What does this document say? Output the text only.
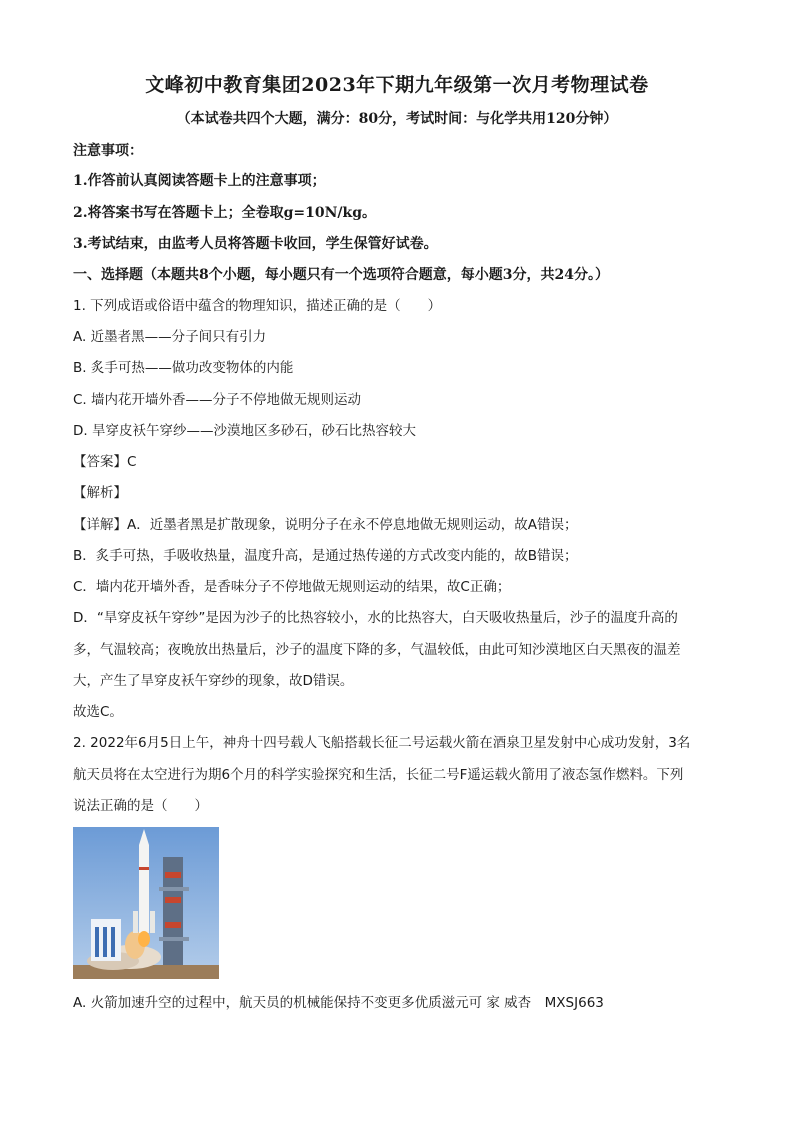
文峰初中教育集团2023年下期九年级第一次月考物理试卷
（本试卷共四个大题，满分：80分，考试时间：与化学共用120分钟）
注意事项：
1.作答前认真阅读答题卡上的注意事项；
2.将答案书写在答题卡上；全卷取g=10N/kg。
3.考试结束，由监考人员将答题卡收回，学生保管好试卷。
一、选择题（本题共8个小题，每小题只有一个选项符合题意，每小题3分，共24分。）
1. 下列成语或俗语中蕴含的物理知识，描述正确的是（　　）
A. 近墨者黑——分子间只有引力
B. 炙手可热——做功改变物体的内能
C. 墙内花开墙外香——分子不停地做无规则运动
D. 旱穿皮袄午穿纱——沙漠地区多砂石，砂石比热容较大
【答案】C
【解析】
【详解】A．近墨者黑是扩散现象，说明分子在永不停息地做无规则运动，故A错误；
B．炙手可热，手吸收热量，温度升高，是通过热传递的方式改变内能的，故B错误；
C．墙内花开墙外香，是香味分子不停地做无规则运动的结果，故C正确；
D．“旱穿皮袄午穿纱”是因为沙子的比热容较小，水的比热容大，白天吸收热量后，沙子的温度升高的
多，气温较高；夜晚放出热量后，沙子的温度下降的多，气温较低，由此可知沙漠地区白天黑夜的温差
大，产生了旱穿皮袄午穿纱的现象，故D错误。
故选C。
2. 2022年6月5日上午，神舟十四号载人飞船搭载长征二号运载火箭在酒泉卫星发射中心成功发射，3名
航天员将在太空进行为期6个月的科学实验探究和生活，长征二号F遥运载火箭用了液态氢作燃料。下列
说法正确的是（　　）
A. 火箭加速升空的过程中，航天员的机械能保持不变更多优质滋元可 家 威杏　MXSJ663
